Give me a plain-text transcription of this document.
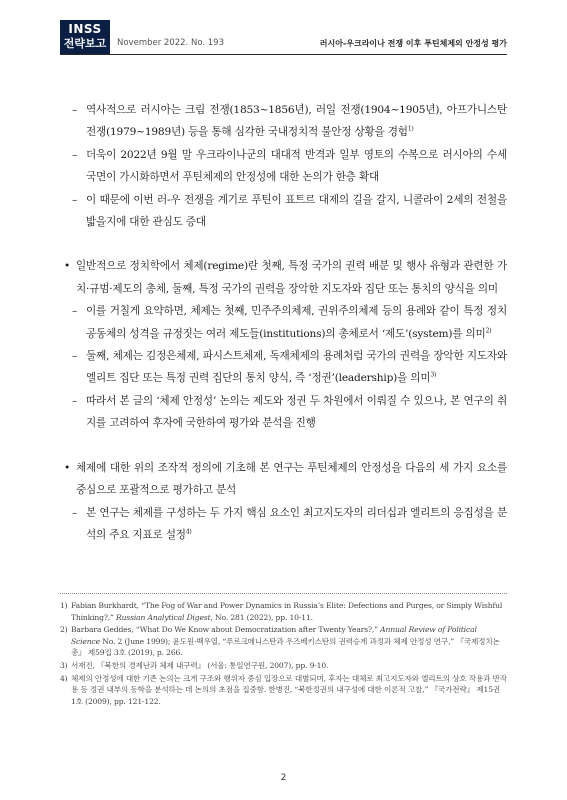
INSS
전략보고	November 2022. No. 193	러시아-우크라이나 전쟁 이후 푸틴체제의 안정성 평가
– 역사적으로 러시아는 크림 전쟁(1853~1856년), 러일 전쟁(1904~1905년), 아프가니스탄 전쟁(1979~1989년) 등을 통해 심각한 국내정치적 불안정 상황을 경험$^{1)}$
– 더욱이 2022년 9월 말 우크라이나군의 대대적 반격과 일부 영토의 수복으로 러시아의 수세 국면이 가시화하면서 푸틴체제의 안정성에 대한 논의가 한층 확대
– 이 때문에 이번 러-우 전쟁을 계기로 푸틴이 표트르 대제의 길을 갈지, 니콜라이 2세의 전철을 밟을지에 대한 관심도 증대
• 일반적으로 정치학에서 체제(regime)란 첫째, 특정 국가의 권력 배분 및 행사 유형과 관련한 가치·규범·제도의 총체, 둘째, 특정 국가의 권력을 장악한 지도자와 집단 또는 통치의 양식을 의미
– 이를 거칠게 요약하면, 체제는 첫째, 민주주의체제, 권위주의체제 등의 용례와 같이 특정 정치공동체의 성격을 규정짓는 여러 제도들(institutions)의 총체로서 ‘제도’(system)를 의미$^{2)}$
– 둘째, 체제는 김정은체제, 파시스트체제, 독재체제의 용례처럼 국가의 권력을 장악한 지도자와 엘리트 집단 또는 특정 권력 집단의 통치 양식, 즉 ‘정권’(leadership)을 의미$^{3)}$
– 따라서 본 글의 ‘체제 안정성’ 논의는 제도와 정권 두 차원에서 이뤄질 수 있으나, 본 연구의 취지를 고려하여 후자에 국한하여 평가와 분석을 진행
• 체제에 대한 위의 조작적 정의에 기초해 본 연구는 푸틴체제의 안정성을 다음의 세 가지 요소를 중심으로 포괄적으로 평가하고 분석
– 본 연구는 체제를 구성하는 두 가지 핵심 요소인 최고지도자의 리더십과 엘리트의 응집성을 분석의 주요 지표로 설정$^{4)}$
1) Fabian Burkhardt, “The Fog of War and Power Dynamics in Russia’s Elite: Defections and Purges, or Simply Wishful Thinking?,” Russian Analytical Digest, No. 281 (2022), pp. 10-11.
2) Barbara Geddes, “What Do We Know about Democratization after Twenty Years?,” Annual Review of Political Science No. 2 (June 1999); 윤도원·백우열, “푸르크메니스탄과 우즈베키스탄의 권력승계 과정과 체제 안정성 연구,” 『국제정치논총』 제59집 3호 (2019), p. 266.
3) 서재진, 『북한의 경제난과 체제 내구력』 (서울: 통일연구원, 2007), pp. 9-10.
4) 체제의 안정성에 대한 기존 논의는 크게 구조와 행위자 중심 입장으로 대별되며, 후자는 대체로 최고지도자와 엘리트의 상호 작용과 반작용 등 정권 내부의 동학을 분석하는 데 논의의 초점을 집중함. 한병진, “북한정권의 내구성에 대한 이론적 고찰,” 『국가전략』 제15권 1호 (2009), pp. 121-122.
2
